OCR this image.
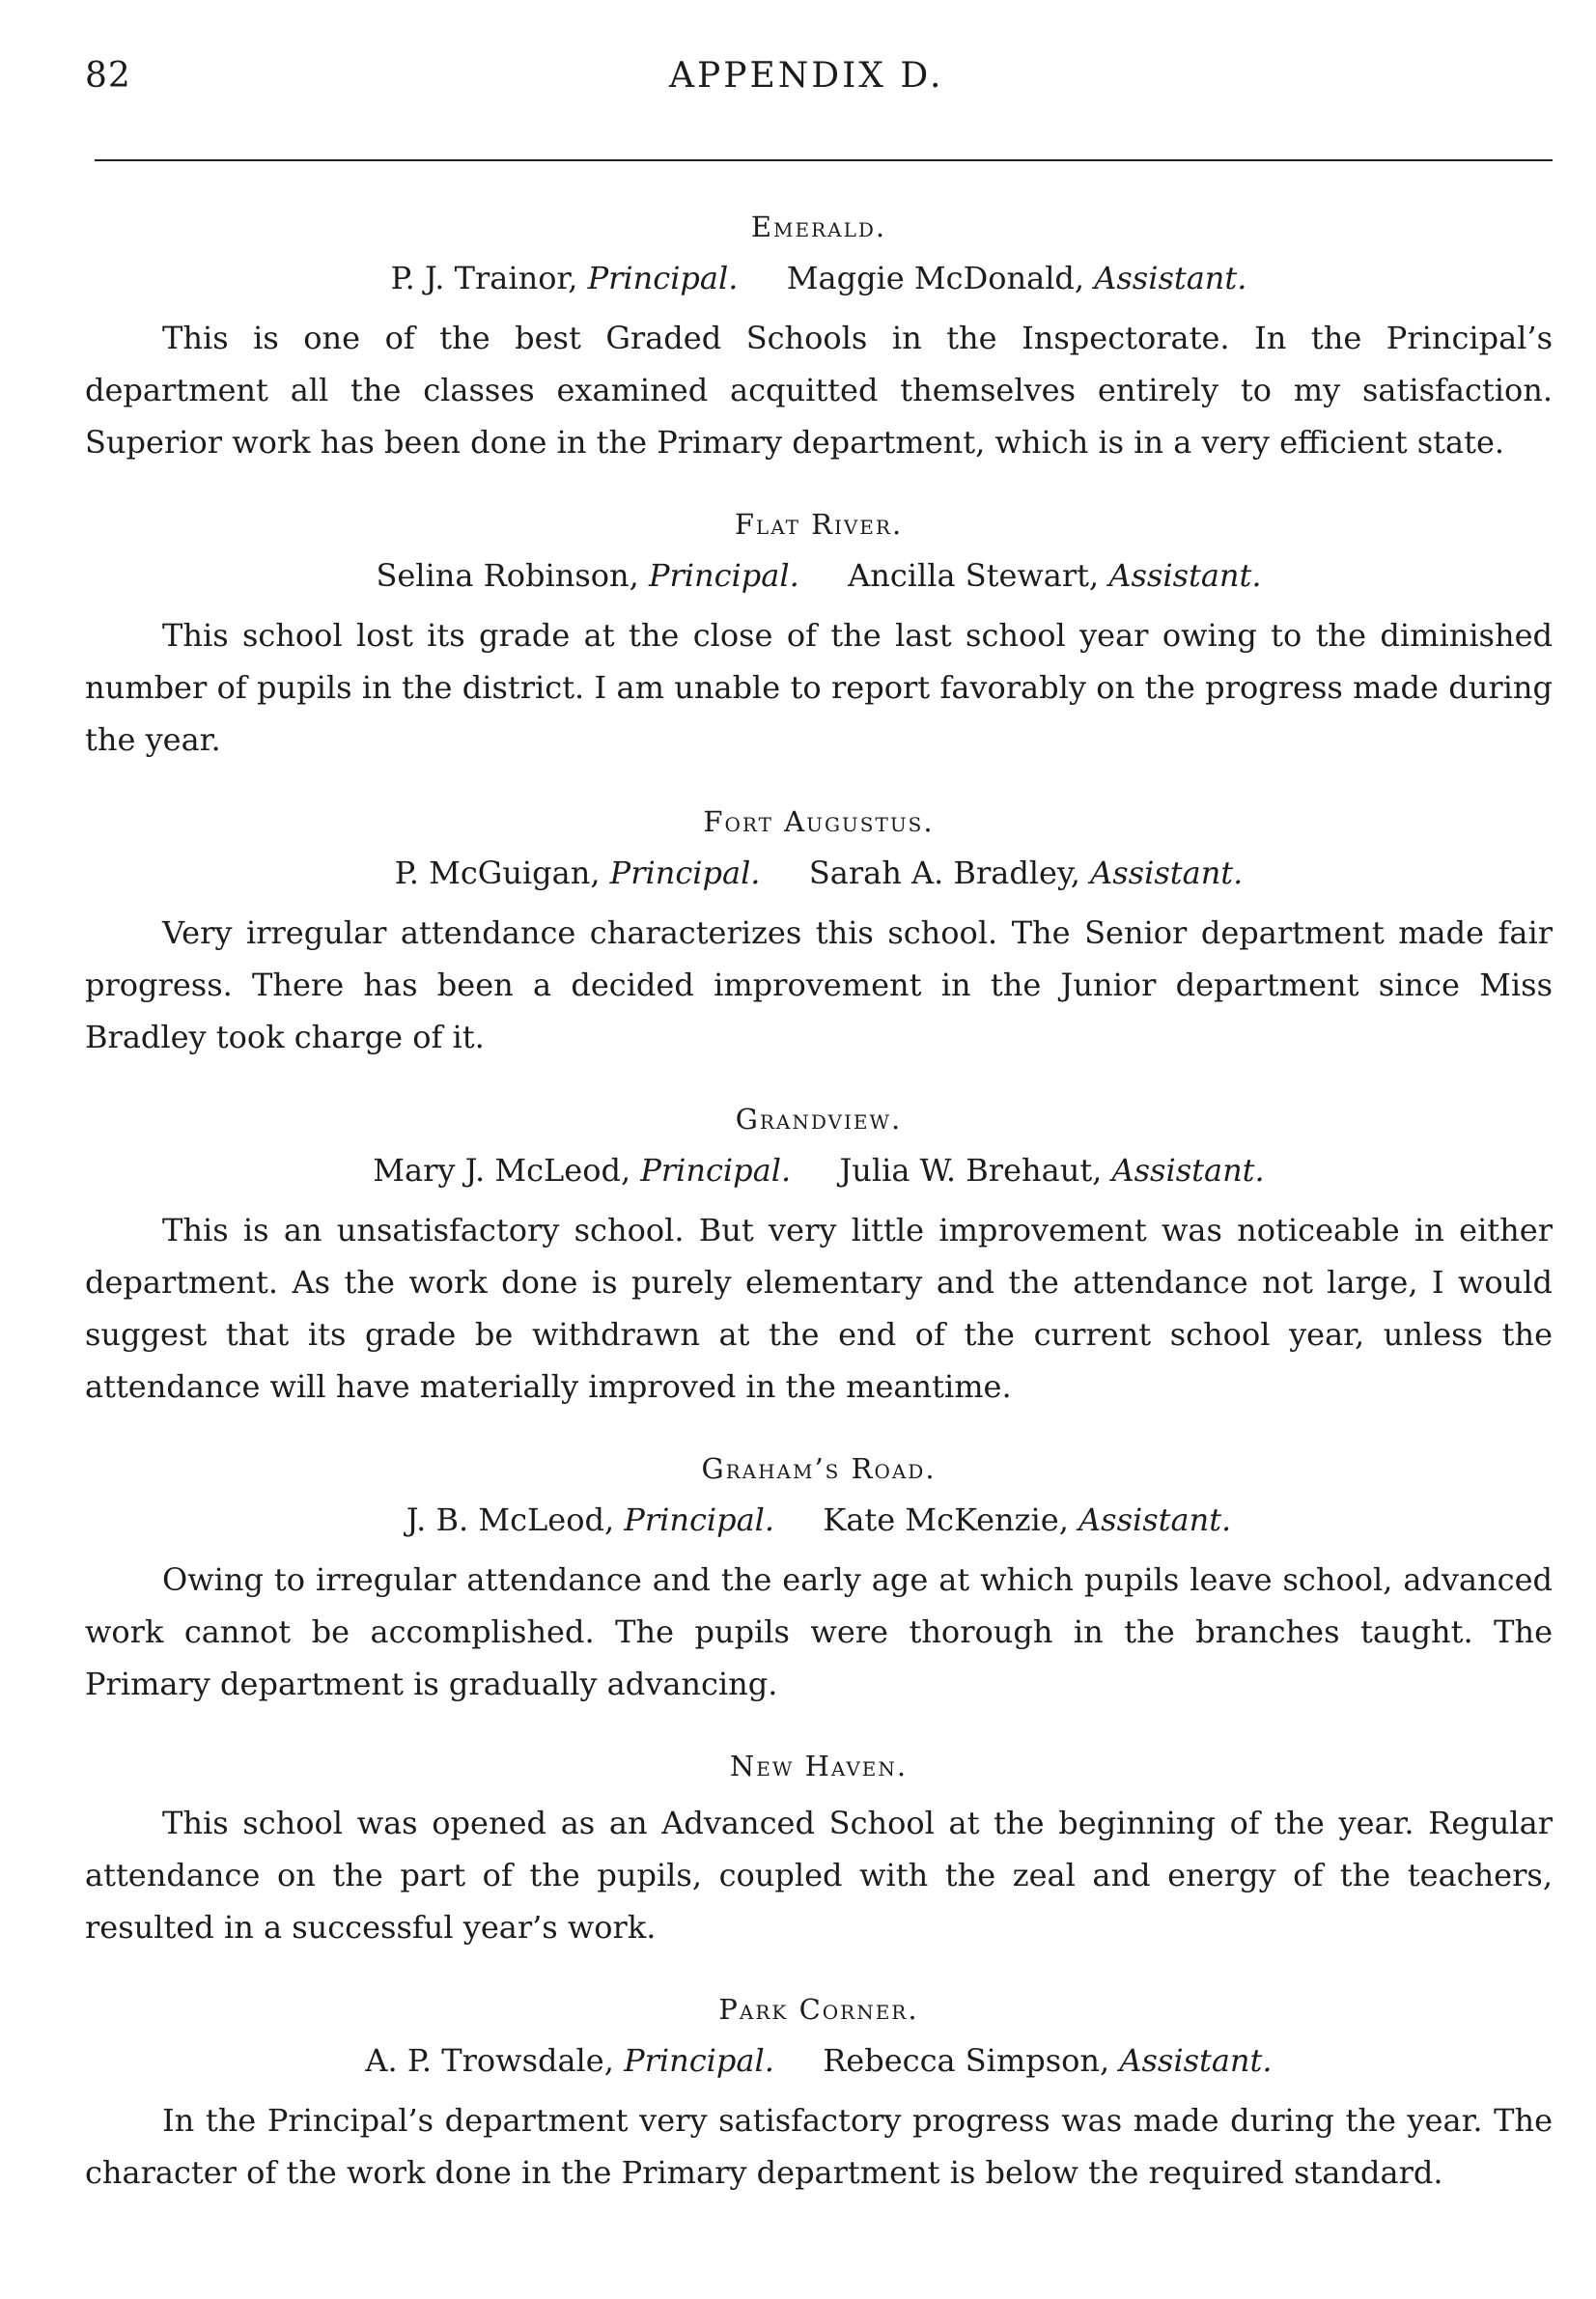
82	APPENDIX D.
Emerald.
P. J. Trainor, Principal. Maggie McDonald, Assistant.

This is one of the best Graded Schools in the Inspectorate. In the Principal’s department all the classes examined acquitted themselves entirely to my satisfaction. Superior work has been done in the Primary department, which is in a very efficient state.

Flat River.
Selina Robinson, Principal. Ancilla Stewart, Assistant.

This school lost its grade at the close of the last school year owing to the diminished number of pupils in the district. I am unable to report favorably on the progress made during the year.

Fort Augustus.
P. McGuigan, Principal. Sarah A. Bradley, Assistant.

Very irregular attendance characterizes this school. The Senior department made fair progress. There has been a decided improvement in the Junior department since Miss Bradley took charge of it.

Grandview.
Mary J. McLeod, Principal. Julia W. Brehaut, Assistant.

This is an unsatisfactory school. But very little improvement was noticeable in either department. As the work done is purely elementary and the attendance not large, I would suggest that its grade be withdrawn at the end of the current school year, unless the attendance will have materially improved in the meantime.

Graham’s Road.
J. B. McLeod, Principal. Kate McKenzie, Assistant.

Owing to irregular attendance and the early age at which pupils leave school, advanced work cannot be accomplished. The pupils were thorough in the branches taught. The Primary department is gradually advancing.

New Haven.

This school was opened as an Advanced School at the beginning of the year. Regular attendance on the part of the pupils, coupled with the zeal and energy of the teachers, resulted in a successful year’s work.

Park Corner.
A. P. Trowsdale, Principal. Rebecca Simpson, Assistant.

In the Principal’s department very satisfactory progress was made during the year. The character of the work done in the Primary department is below the required standard.
